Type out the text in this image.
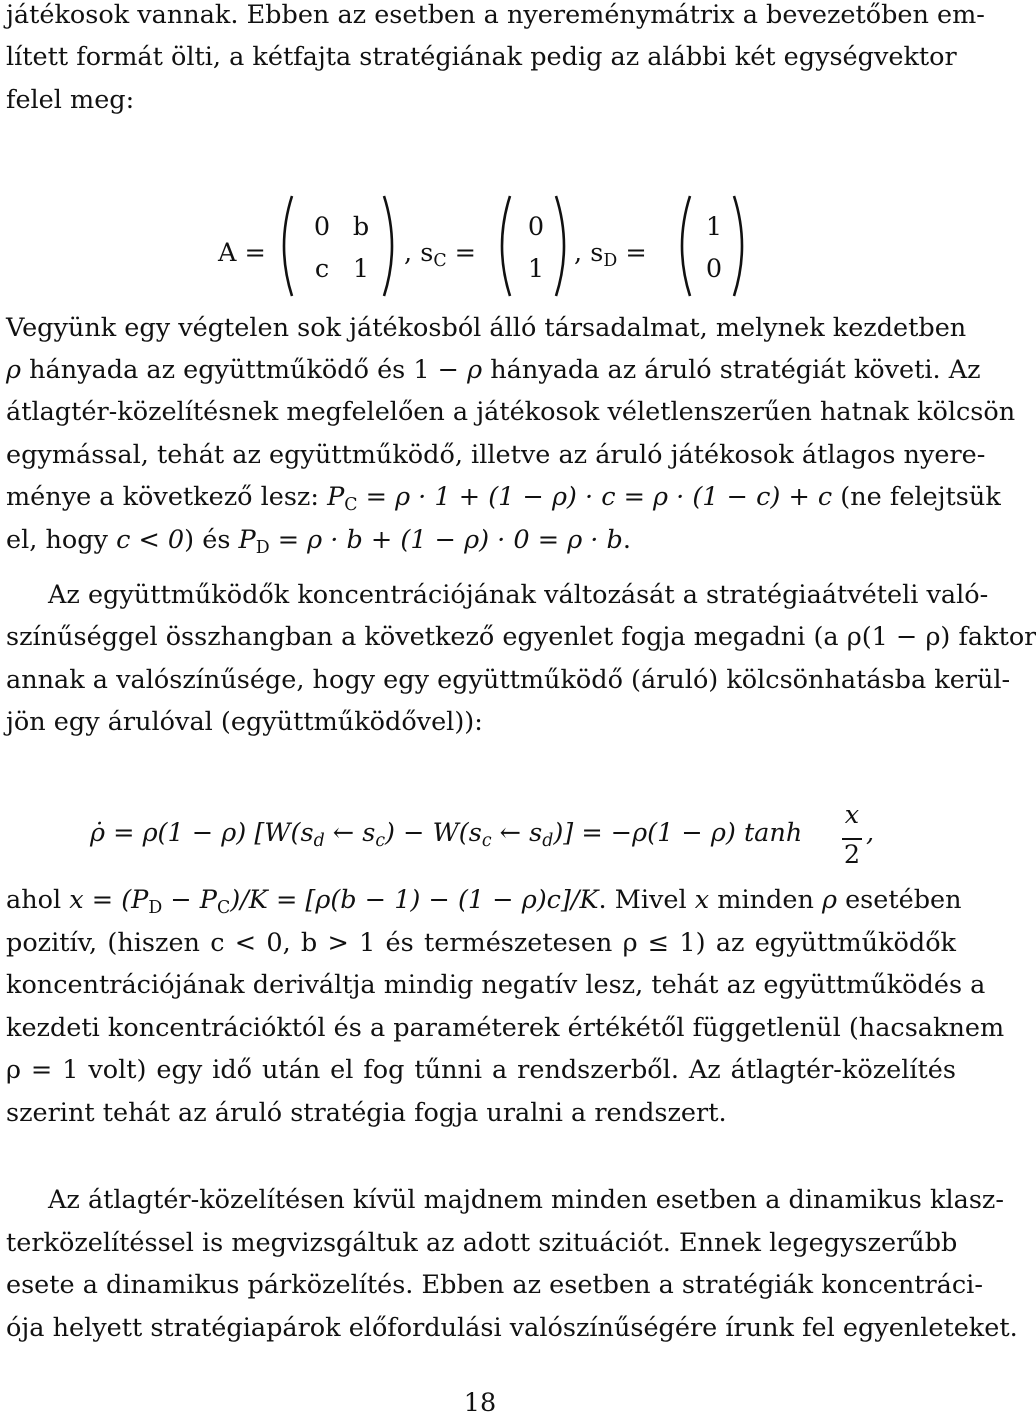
játékosok vannak. Ebben az esetben a nyereménymátrix a bevezetőben em-
lített formát ölti, a kétfajta stratégiának pedig az alábbi két egységvektor
felel meg:
A =
0 b
c 1
, $s_C$ =
0
1
, $s_D$ =
1
0
Vegyünk egy végtelen sok játékosból álló társadalmat, melynek kezdetben
ρ hányada az együttműködő és 1 − ρ hányada az áruló stratégiát követi. Az
átlagtér-közelítésnek megfelelően a játékosok véletlenszerűen hatnak kölcsön
egymással, tehát az együttműködő, illetve az áruló játékosok átlagos nyere-
ménye a következő lesz: $P_C = \rho \cdot 1 + (1 - \rho) \cdot c = \rho \cdot (1 - c) + c$ (ne felejtsük
el, hogy c < 0) és $P_D = \rho \cdot b + (1 - \rho) \cdot 0 = \rho \cdot b$.
Az együttműködők koncentrációjának változását a stratégiaátvételi való-
színűséggel összhangban a következő egyenlet fogja megadni (a ρ(1 − ρ) faktor
annak a valószínűsége, hogy egy együttműködő (áruló) kölcsönhatásba kerül-
jön egy árulóval (együttműködővel)):
ρ̇ = ρ(1 − ρ) [$W(s_d$ ← $s_c) - W(s_c$ ← $s_d)] = -\rho(1 - \rho)$ tanh
x
2
,
ahol $x = (P_D - P_C)/K = [\rho(b - 1) - (1 - \rho)c]/K$. Mivel x minden ρ esetében
pozitív, (hiszen c < 0, b > 1 és természetesen ρ ≤ 1) az együttműködők
koncentrációjának deriváltja mindig negatív lesz, tehát az együttműködés a
kezdeti koncentrációktól és a paraméterek értékétől függetlenül (hacsaknem
ρ = 1 volt) egy idő után el fog tűnni a rendszerből. Az átlagtér-közelítés
szerint tehát az áruló stratégia fogja uralni a rendszert.
Az átlagtér-közelítésen kívül majdnem minden esetben a dinamikus klasz-
terközelítéssel is megvizsgáltuk az adott szituációt. Ennek legegyszerűbb
esete a dinamikus párközelítés. Ebben az esetben a stratégiák koncentráci-
ója helyett stratégiapárok előfordulási valószínűségére írunk fel egyenleteket.
18
